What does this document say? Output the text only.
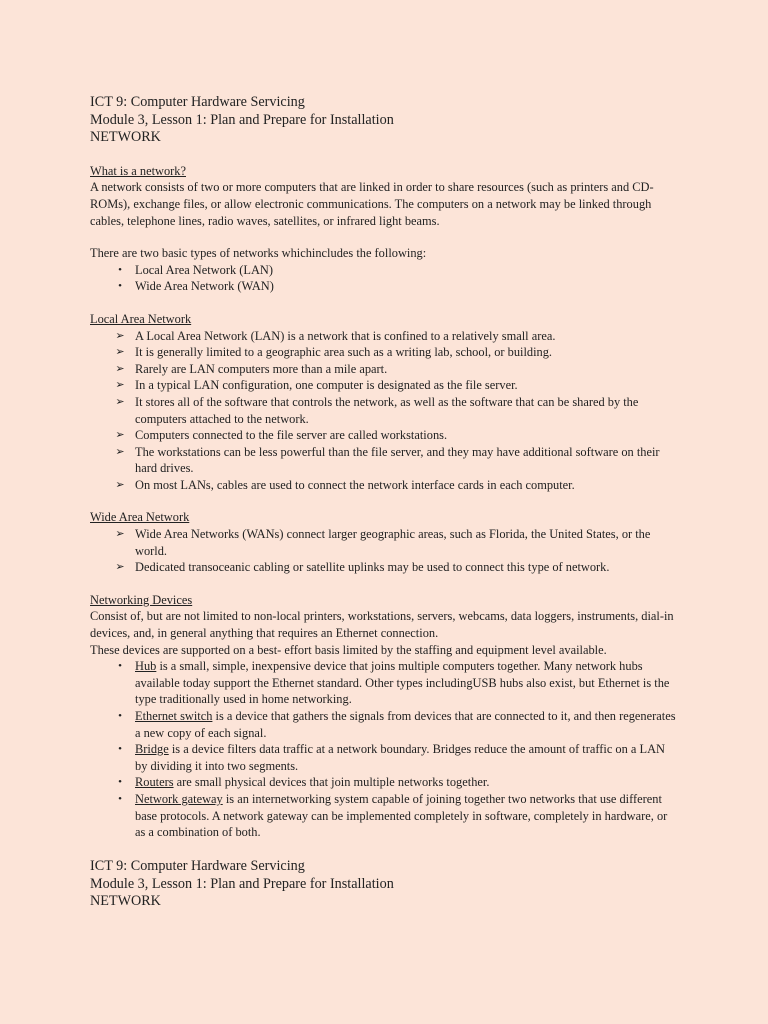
ICT 9: Computer Hardware Servicing
Module 3, Lesson 1: Plan and Prepare for Installation
NETWORK

What is a network?

A network consists of two or more computers that are linked in order to share resources (such as printers and CD-ROMs), exchange files, or allow electronic communications. The computers on a network may be linked through cables, telephone lines, radio waves, satellites, or infrared light beams.

There are two basic types of networks whichincludes the following:

•	Local Area Network (LAN)
•	Wide Area Network (WAN)

Local Area Network

➢ A Local Area Network (LAN) is a network that is confined to a relatively small area.
➢ It is generally limited to a geographic area such as a writing lab, school, or building.
➢ Rarely are LAN computers more than a mile apart.
➢ In a typical LAN configuration, one computer is designated as the file server.
➢ It stores all of the software that controls the network, as well as the software that can be shared by the computers attached to the network.
➢ Computers connected to the file server are called workstations.
➢ The workstations can be less powerful than the file server, and they may have additional software on their hard drives.
➢ On most LANs, cables are used to connect the network interface cards in each computer.

Wide Area Network

➢ Wide Area Networks (WANs) connect larger geographic areas, such as Florida, the United States, or the world.
➢ Dedicated transoceanic cabling or satellite uplinks may be used to connect this type of network.

Networking Devices

Consist of, but are not limited to non-local printers, workstations, servers, webcams, data loggers, instruments, dial-in devices, and, in general anything that requires an Ethernet connection.

These devices are supported on a best- effort basis limited by the staffing and equipment level available.

•	Hub is a small, simple, inexpensive device that joins multiple computers together. Many network hubs available today support the Ethernet standard. Other types includingUSB hubs also exist, but Ethernet is the type traditionally used in home networking.
•	Ethernet switch is a device that gathers the signals from devices that are connected to it, and then regenerates a new copy of each signal.
•	Bridge is a device filters data traffic at a network boundary. Bridges reduce the amount of traffic on a LAN by dividing it into two segments.
•	Routers are small physical devices that join multiple networks together.
•	Network gateway is an internetworking system capable of joining together two networks that use different base protocols. A network gateway can be implemented completely in software, completely in hardware, or as a combination of both.
ICT 9: Computer Hardware Servicing
Module 3, Lesson 1: Plan and Prepare for Installation
NETWORK
